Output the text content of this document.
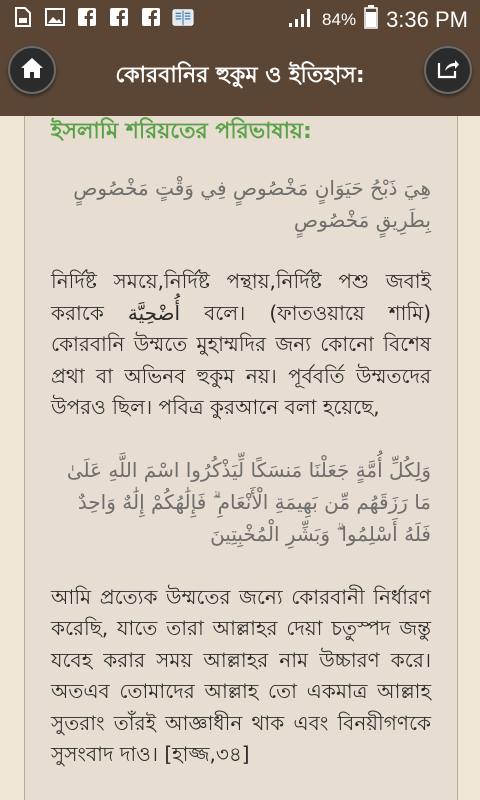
84% 3:36 PM
কোরবানির হুকুম ও ইতিহাস:

ইসলামি শরিয়তের পরিভাষায়:

هِيَ ذَبْحُ حَيَوَانٍ مَخْصُوصٍ فِي وَقْتٍ مَخْصُوصٍ بِطَرِيقٍ مَخْصُوصٍ

নির্দিষ্ট সময়ে,নির্দিষ্ট পন্থায়,নির্দিষ্ট পশু জবাই করাকে أُضْحِيَّة বলে। (ফাতওয়ায়ে শামি) কোরবানি উম্মতে মুহাম্মদির জন্য কোনো বিশেষ প্রথা বা অভিনব হুকুম নয়। পূর্ববর্তি উম্মতদের উপরও ছিল। পবিত্র কুরআনে বলা হয়েছে,

وَلِكُلِّ أُمَّةٍ جَعَلْنَا مَنسَكًا لِّيَذْكُرُوا اسْمَ اللَّهِ عَلَىٰ مَا رَزَقَهُم مِّن بَهِيمَةِ الْأَنْعَامِ ۗ فَإِلَٰهُكُمْ إِلَٰهٌ وَاحِدٌ فَلَهُ أَسْلِمُوا ۗ وَبَشِّرِ الْمُخْبِتِينَ

আমি প্রত্যেক উম্মতের জন্যে কোরবানী নির্ধারণ করেছি, যাতে তারা আল্লাহর দেয়া চতুস্পদ জন্তু যবেহ করার সময় আল্লাহর নাম উচ্চারণ করে। অতএব তোমাদের আল্লাহ তো একমাত্র আল্লাহ সুতরাং তাঁরই আজ্ঞাধীন থাক এবং বিনয়ীগণকে সুসংবাদ দাও। [হাজ্জ,৩৪]
